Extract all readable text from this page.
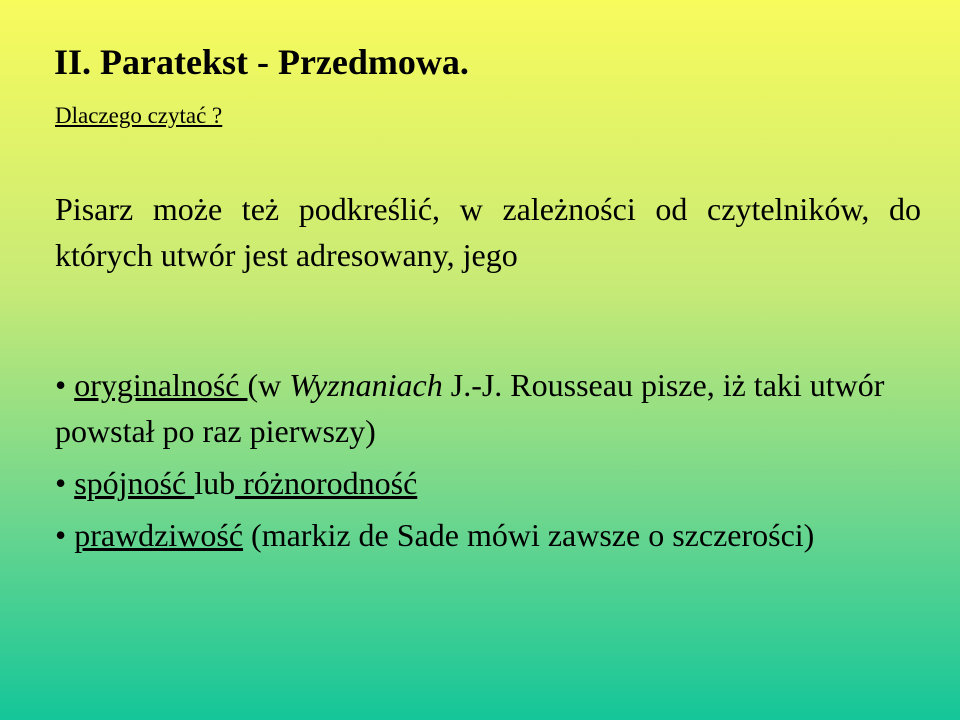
II. Paratekst - Przedmowa.
Dlaczego czytać ?

Pisarz może też podkreślić, w zależności od czytelników, do których utwór jest adresowany, jego

• oryginalność (w Wyznaniach J.-J. Rousseau pisze, iż taki utwór powstał po raz pierwszy)
• spójność lub różnorodność
• prawdziwość (markiz de Sade mówi zawsze o szczerości)
